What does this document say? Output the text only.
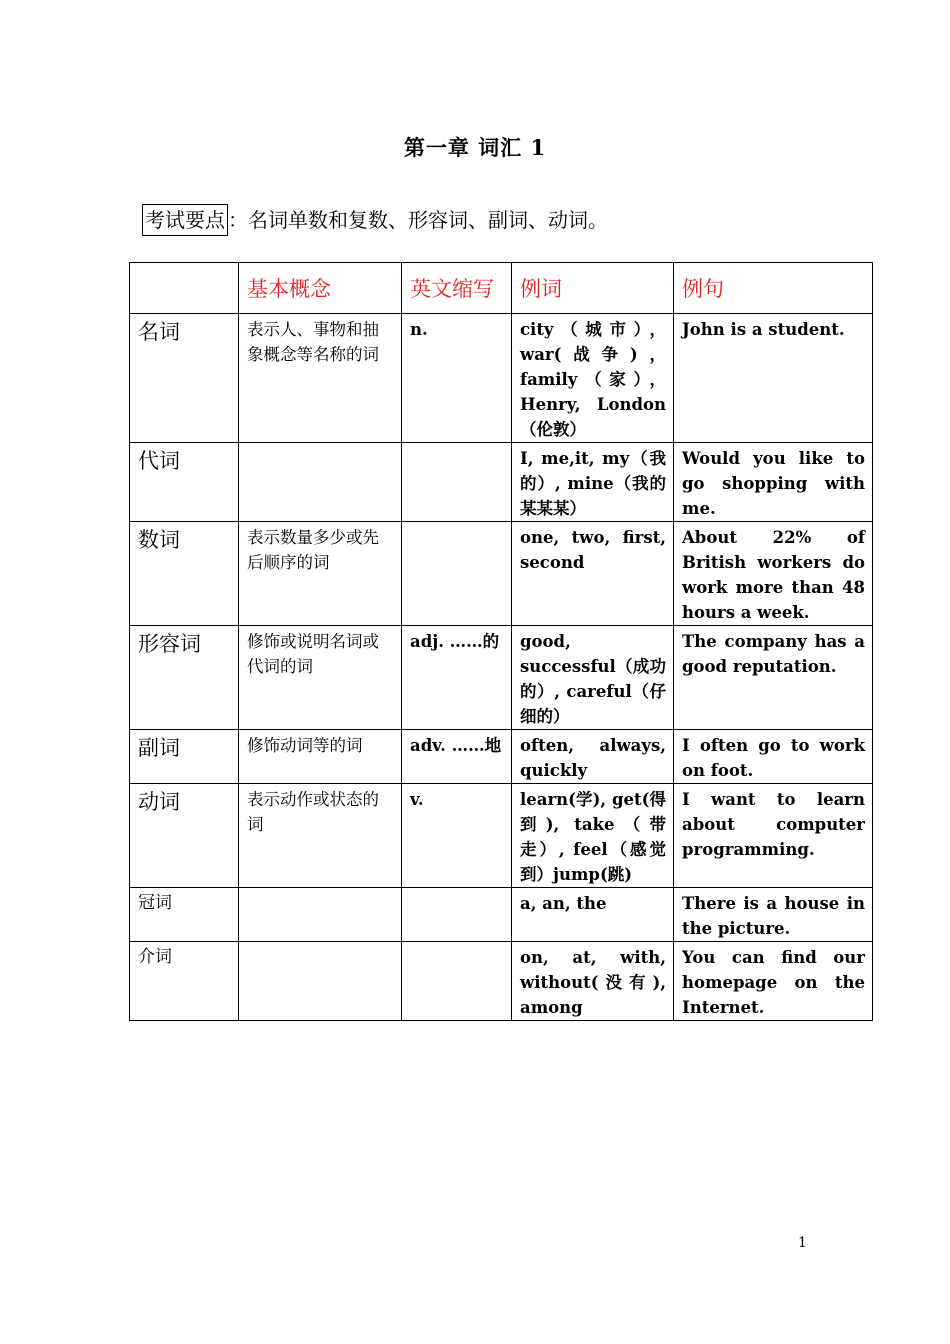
第一章 词汇 1
考试要点 ：名词单数和复数、形容词、副词、动词。
	基本概念	英文缩写	例词	例句
名词	表示人、事物和抽象概念等名称的词	n.	city（城市），war(战争)，family（家），Henry, London（伦敦）	John is a student.
代词			I, me,it, my（我的）, mine（我的某某某）	Would you like to go shopping with me.
数词	表示数量多少或先后顺序的词		one, two, first, second	About 22% of British workers do work more than 48 hours a week.
形容词	修饰或说明名词或代词的词	adj. ……的	good, successful（成功的）, careful（仔细的）	The company has a good reputation.
副词	修饰动词等的词	adv. ……地	often, always, quickly	I often go to work on foot.
动词	表示动作或状态的词	v.	learn(学), get(得到), take（带走）, feel（感觉到）jump(跳)	I want to learn about computer programming.
冠词			a, an, the	There is a house in the picture.
介词			on, at, with, without(没有), among	You can find our homepage on the Internet.
1
